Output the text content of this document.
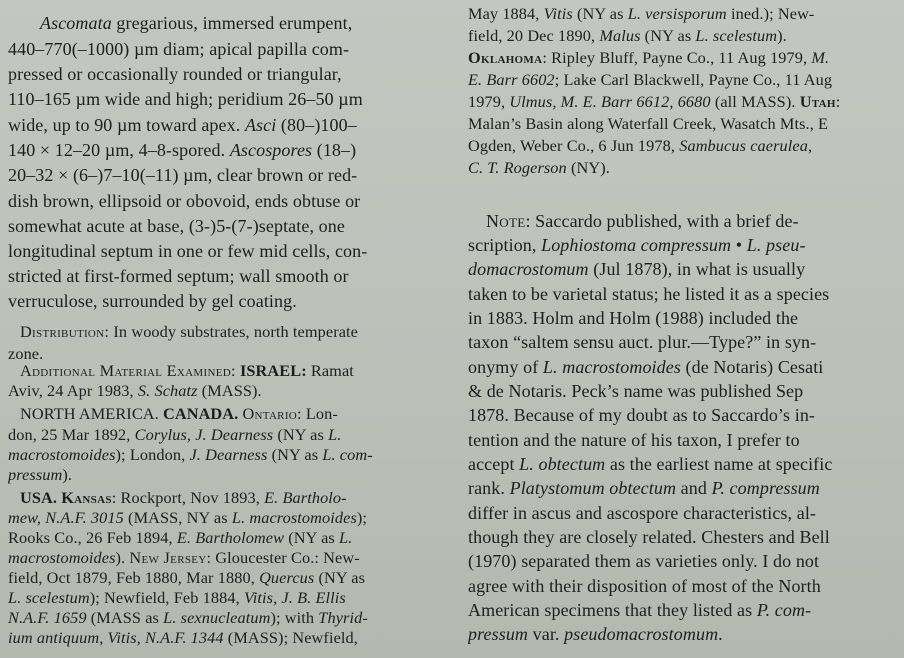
Ascomata gregarious, immersed erumpent,
440–770(–1000) µm diam; apical papilla com-
pressed or occasionally rounded or triangular,
110–165 µm wide and high; peridium 26–50 µm
wide, up to 90 µm toward apex. Asci (80–)100–
140 × 12–20 µm, 4–8-spored. Ascospores (18–)
20–32 × (6–)7–10(–11) µm, clear brown or red-
dish brown, ellipsoid or obovoid, ends obtuse or
somewhat acute at base, (3-)5-(7-)septate, one
longitudinal septum in one or few mid cells, con-
stricted at first-formed septum; wall smooth or
verruculose, surrounded by gel coating.
Distribution: In woody substrates, north temperate
zone.
Additional Material Examined: ISRAEL: Ramat
Aviv, 24 Apr 1983, S. Schatz (MASS).
NORTH AMERICA. CANADA. Ontario: Lon-
don, 25 Mar 1892, Corylus, J. Dearness (NY as L.
macrostomoides); London, J. Dearness (NY as L. com-
pressum).
USA. Kansas: Rockport, Nov 1893, E. Bartholo-
mew, N.A.F. 3015 (MASS, NY as L. macrostomoides);
Rooks Co., 26 Feb 1894, E. Bartholomew (NY as L.
macrostomoides). New Jersey: Gloucester Co.: New-
field, Oct 1879, Feb 1880, Mar 1880, Quercus (NY as
L. scelestum); Newfield, Feb 1884, Vitis, J. B. Ellis
N.A.F. 1659 (MASS as L. sexnucleatum); with Thyrid-
ium antiquum, Vitis, N.A.F. 1344 (MASS); Newfield,
May 1884, Vitis (NY as L. versisporum ined.); New-
field, 20 Dec 1890, Malus (NY as L. scelestum).
Oklahoma: Ripley Bluff, Payne Co., 11 Aug 1979, M.
E. Barr 6602; Lake Carl Blackwell, Payne Co., 11 Aug
1979, Ulmus, M. E. Barr 6612, 6680 (all MASS). Utah:
Malan’s Basin along Waterfall Creek, Wasatch Mts., E
Ogden, Weber Co., 6 Jun 1978, Sambucus caerulea,
C. T. Rogerson (NY).
Note: Saccardo published, with a brief de-
scription, Lophiostoma compressum • L. pseu-
domacrostomum (Jul 1878), in what is usually
taken to be varietal status; he listed it as a species
in 1883. Holm and Holm (1988) included the
taxon “saltem sensu auct. plur.—Type?” in syn-
onymy of L. macrostomoides (de Notaris) Cesati
& de Notaris. Peck’s name was published Sep
1878. Because of my doubt as to Saccardo’s in-
tention and the nature of his taxon, I prefer to
accept L. obtectum as the earliest name at specific
rank. Platystomum obtectum and P. compressum
differ in ascus and ascospore characteristics, al-
though they are closely related. Chesters and Bell
(1970) separated them as varieties only. I do not
agree with their disposition of most of the North
American specimens that they listed as P. com-
pressum var. pseudomacrostomum.
